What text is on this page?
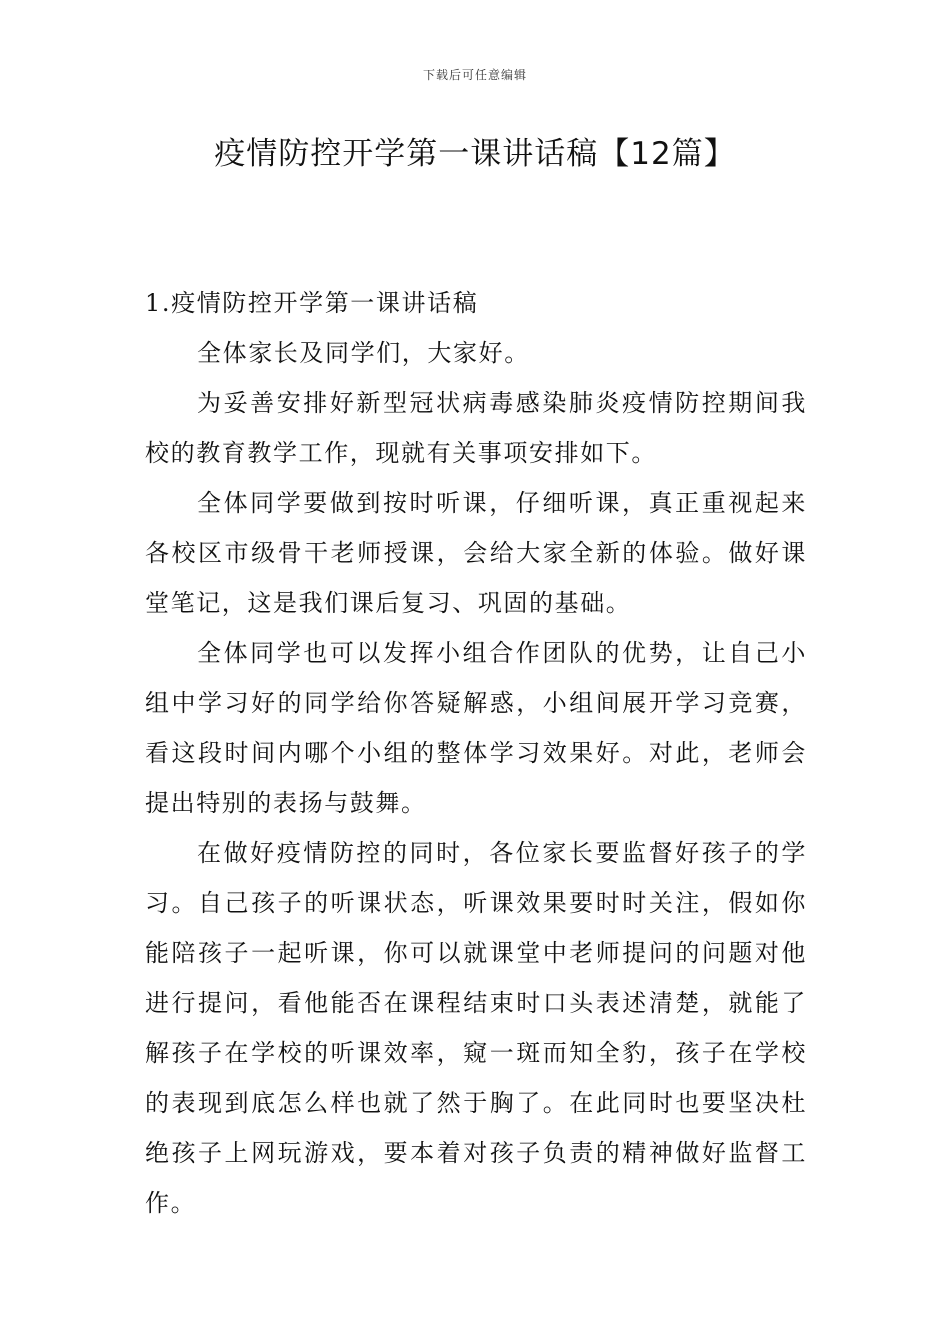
下载后可任意编辑
疫情防控开学第一课讲话稿【12篇】
1.疫情防控开学第一课讲话稿

全体家长及同学们，大家好。

为妥善安排好新型冠状病毒感染肺炎疫情防控期间我校的教育教学工作，现就有关事项安排如下。

全体同学要做到按时听课，仔细听课，真正重视起来各校区市级骨干老师授课，会给大家全新的体验。做好课堂笔记，这是我们课后复习、巩固的基础。

全体同学也可以发挥小组合作团队的优势，让自己小组中学习好的同学给你答疑解惑，小组间展开学习竞赛，看这段时间内哪个小组的整体学习效果好。对此，老师会提出特别的表扬与鼓舞。

在做好疫情防控的同时，各位家长要监督好孩子的学习。自己孩子的听课状态，听课效果要时时关注，假如你能陪孩子一起听课，你可以就课堂中老师提问的问题对他进行提问，看他能否在课程结束时口头表述清楚，就能了解孩子在学校的听课效率，窥一斑而知全豹，孩子在学校的表现到底怎么样也就了然于胸了。在此同时也要坚决杜绝孩子上网玩游戏，要本着对孩子负责的精神做好监督工作。
